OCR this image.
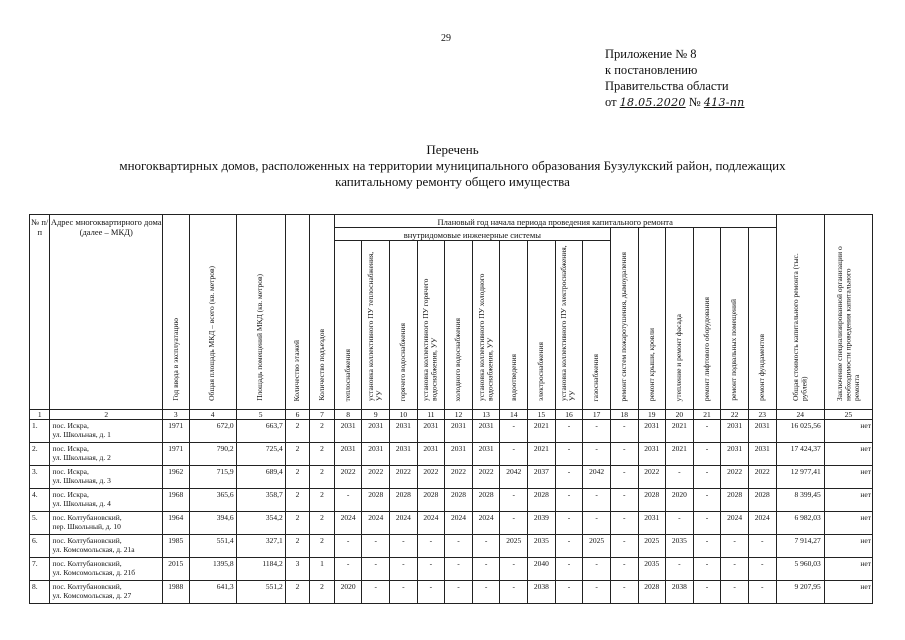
29
Приложение № 8
к постановлению
Правительства области
от 18.05.2020 № 413-пп
Перечень
многоквартирных домов, расположенных на территории муниципального образования Бузулукский район, подлежащих
капитальному ремонту общего имущества
№ п/п	Адрес многоквартирного дома (далее – МКД)	Год ввода в эксплуатацию	Общая площадь МКД – всего (кв. метров)	Площадь помещений МКД (кв. метров)	Количество этажей	Количество подъездов	Плановый год начала периода проведения капитального ремонта																Общая стоимость капитального ремонта (тыс. рублей)	Заключение специализированной организации о необходимости проведения капитального ремонта
							внутридомовые инженерные системы										ремонт систем пожаротушения, дымоудаления	ремонт крыши, кровли	утепление и ремонт фасада	ремонт лифтового оборудования	ремонт подвальных помещений	ремонт фундаментов		
							теплоснабжения	установка коллективного ПУ теплоснабжения, УУ	горячего водоснабжения	установка коллективного ПУ горячего водоснабжения, УУ	холодного водоснабжения	установка коллективного ПУ холодного водоснабжения, УУ	водоотведения	электроснабжения	установка коллективного ПУ электроснабжения, УУ	газоснабжения								
1	2	3	4	5	6	7	8	9	10	11	12	13	14	15	16	17	18	19	20	21	22	23	24	25
1.	пос. Искра,
ул. Школьная, д. 1	1971	672,0	663,7	2	2	2031	2031	2031	2031	2031	2031	-	2021	-	-	-	2031	2021	-	2031	2031	16 025,56	нет
2.	пос. Искра,
ул. Школьная, д. 2	1971	790,2	725,4	2	2	2031	2031	2031	2031	2031	2031	-	2021	-	-	-	2031	2021	-	2031	2031	17 424,37	нет
3.	пос. Искра,
ул. Школьная, д. 3	1962	715,9	689,4	2	2	2022	2022	2022	2022	2022	2022	2042	2037	-	2042	-	2022	-	-	2022	2022	12 977,41	нет
4.	пос. Искра,
ул. Школьная, д. 4	1968	365,6	358,7	2	2	-	2028	2028	2028	2028	2028	-	2028	-	-	-	2028	2020	-	2028	2028	8 399,45	нет
5.	пос. Колтубановский,
пер. Школьный, д. 10	1964	394,6	354,2	2	2	2024	2024	2024	2024	2024	2024	-	2039	-	-	-	2031	-	-	2024	2024	6 982,03	нет
6.	пос. Колтубановский,
ул. Комсомольская, д. 21а	1985	551,4	327,1	2	2	-	-	-	-	-	-	2025	2035	-	2025	-	2025	2035	-	-	-	7 914,27	нет
7.	пос. Колтубановский,
ул. Комсомольская, д. 21б	2015	1395,8	1184,2	3	1	-	-	-	-	-	-	-	2040	-	-	-	2035	-	-	-	-	5 960,03	нет
8.	пос. Колтубановский,
ул. Комсомольская, д. 27	1988	641,3	551,2	2	2	2020	-	-	-	-	-	-	2038	-	-	-	2028	2038	-	-	-	9 207,95	нет
